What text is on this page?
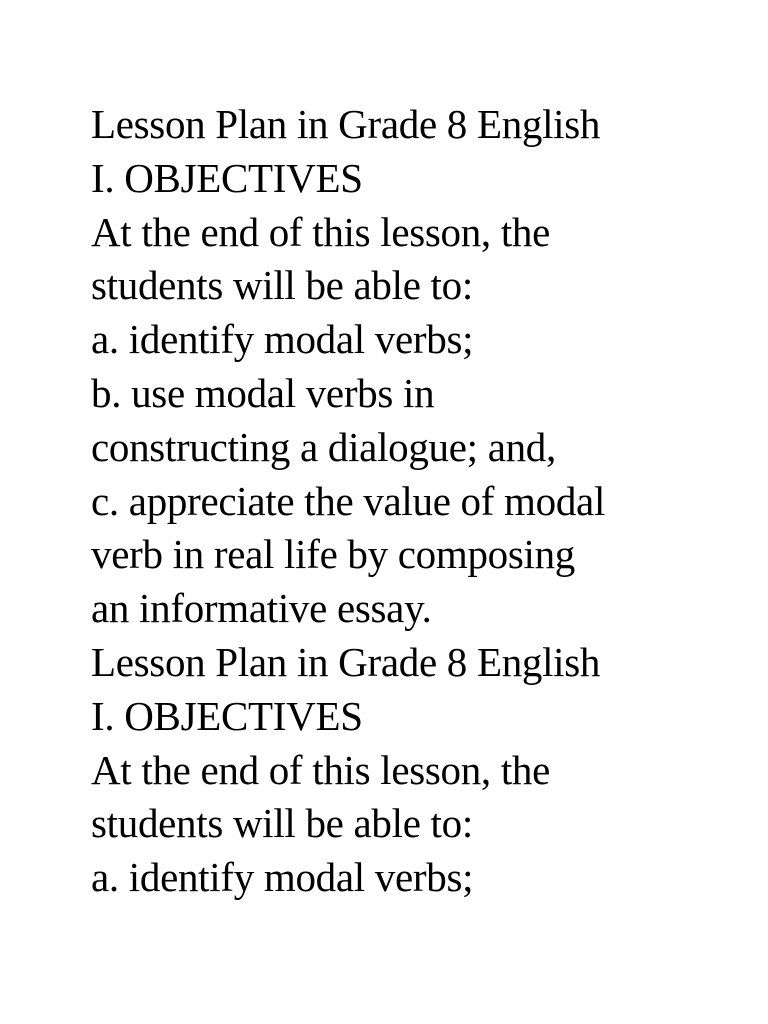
Lesson Plan in Grade 8 English
I. OBJECTIVES
At the end of this lesson, the
students will be able to:
a. identify modal verbs;
b. use modal verbs in
constructing a dialogue; and,
c. appreciate the value of modal
verb in real life by composing
an informative essay.
Lesson Plan in Grade 8 English
I. OBJECTIVES
At the end of this lesson, the
students will be able to:
a. identify modal verbs;
